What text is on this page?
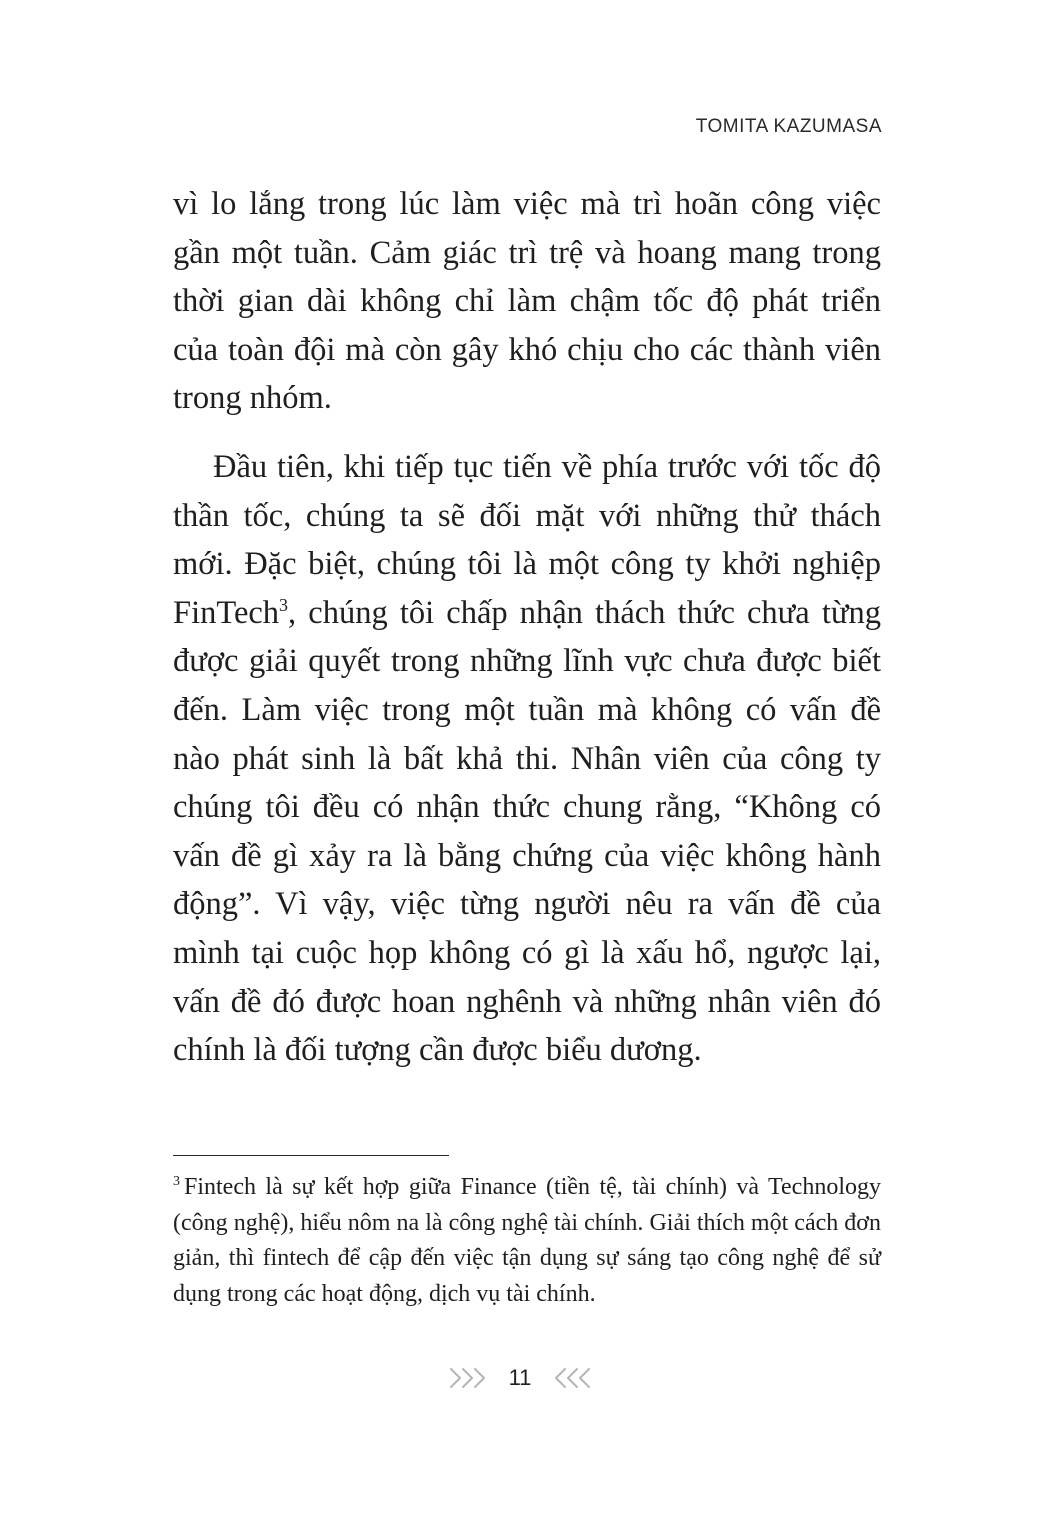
TOMITA KAZUMASA

vì lo lắng trong lúc làm việc mà trì hoãn công việc gần một tuần. Cảm giác trì trệ và hoang mang trong thời gian dài không chỉ làm chậm tốc độ phát triển của toàn đội mà còn gây khó chịu cho các thành viên trong nhóm.

Đầu tiên, khi tiếp tục tiến về phía trước với tốc độ thần tốc, chúng ta sẽ đối mặt với những thử thách mới. Đặc biệt, chúng tôi là một công ty khởi nghiệp FinTech$^3$, chúng tôi chấp nhận thách thức chưa từng được giải quyết trong những lĩnh vực chưa được biết đến. Làm việc trong một tuần mà không có vấn đề nào phát sinh là bất khả thi. Nhân viên của công ty chúng tôi đều có nhận thức chung rằng, “Không có vấn đề gì xảy ra là bằng chứng của việc không hành động”. Vì vậy, việc từng người nêu ra vấn đề của mình tại cuộc họp không có gì là xấu hổ, ngược lại, vấn đề đó được hoan nghênh và những nhân viên đó chính là đối tượng cần được biểu dương.

$^3$ Fintech là sự kết hợp giữa Finance (tiền tệ, tài chính) và Technology (công nghệ), hiểu nôm na là công nghệ tài chính. Giải thích một cách đơn giản, thì fintech để cập đến việc tận dụng sự sáng tạo công nghệ để sử dụng trong các hoạt động, dịch vụ tài chính.
11
